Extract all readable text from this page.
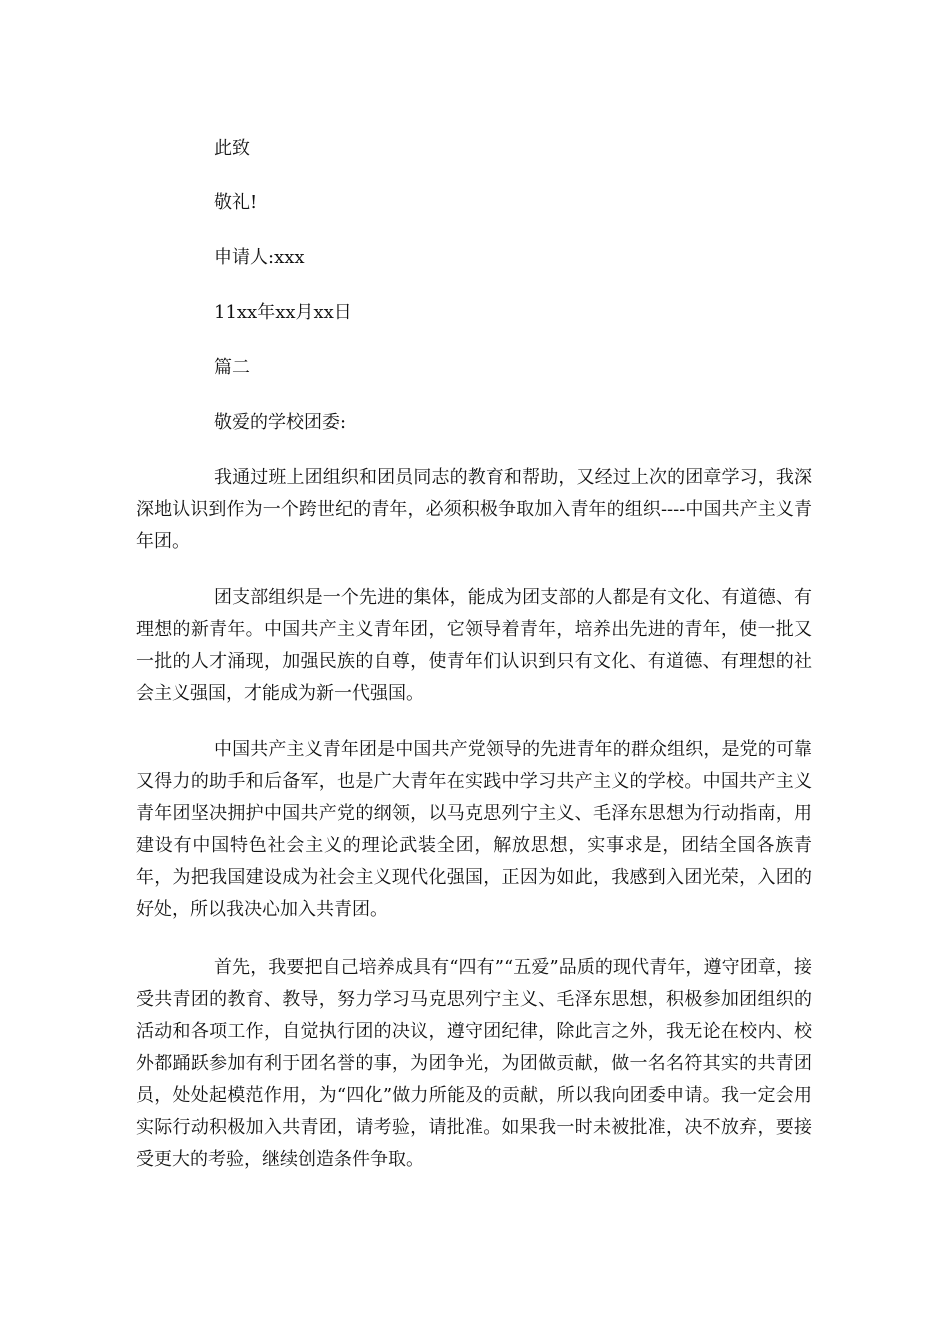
此致
敬礼!
申请人:xxx
11xx年xx月xx日
篇二
敬爱的学校团委:

我通过班上团组织和团员同志的教育和帮助，又经过上次的团章学习，我深深地认识到作为一个跨世纪的青年，必须积极争取加入青年的组织----中国共产主义青年团。

团支部组织是一个先进的集体，能成为团支部的人都是有文化、有道德、有理想的新青年。中国共产主义青年团，它领导着青年，培养出先进的青年，使一批又一批的人才涌现，加强民族的自尊，使青年们认识到只有文化、有道德、有理想的社会主义强国，才能成为新一代强国。

中国共产主义青年团是中国共产党领导的先进青年的群众组织，是党的可靠又得力的助手和后备军，也是广大青年在实践中学习共产主义的学校。中国共产主义青年团坚决拥护中国共产党的纲领，以马克思列宁主义、毛泽东思想为行动指南，用建设有中国特色社会主义的理论武装全团，解放思想，实事求是，团结全国各族青年，为把我国建设成为社会主义现代化强国，正因为如此，我感到入团光荣，入团的好处，所以我决心加入共青团。

首先，我要把自己培养成具有“四有”“五爱”品质的现代青年，遵守团章，接受共青团的教育、教导，努力学习马克思列宁主义、毛泽东思想，积极参加团组织的活动和各项工作，自觉执行团的决议，遵守团纪律，除此言之外，我无论在校内、校外都踊跃参加有利于团名誉的事，为团争光，为团做贡献，做一名名符其实的共青团员，处处起模范作用，为“四化”做力所能及的贡献，所以我向团委申请。我一定会用实际行动积极加入共青团，请考验，请批准。如果我一时未被批准，决不放弃，要接受更大的考验，继续创造条件争取。
